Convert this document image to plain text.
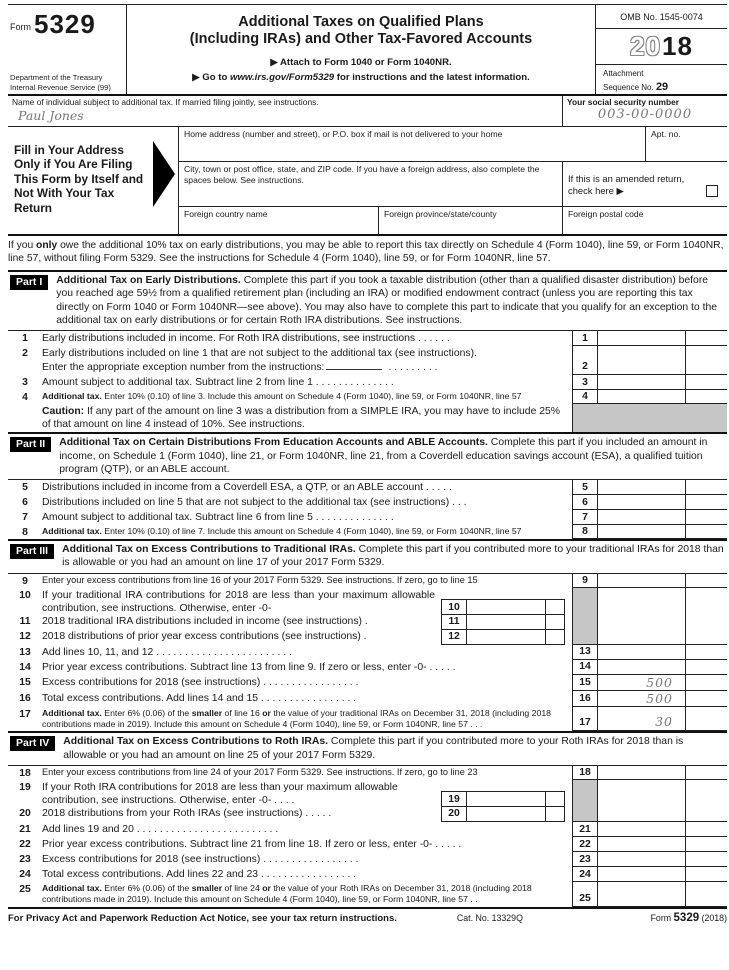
Form 5329
Department of the Treasury
Internal Revenue Service (99)
Additional Taxes on Qualified Plans
(Including IRAs) and Other Tax-Favored Accounts
▶ Attach to Form 1040 or Form 1040NR.
▶ Go to www.irs.gov/Form5329 for instructions and the latest information.
OMB No. 1545-0074
20 18
Attachment
Sequence No. 29
Name of individual subject to additional tax. If married filing jointly, see instructions.
Paul Jones
Your social security number
003-00-0000
Fill in Your Address Only if You Are Filing This Form by Itself and Not With Your Tax Return
Home address (number and street), or P.O. box if mail is not delivered to your home	Apt. no.
City, town or post office, state, and ZIP code. If you have a foreign address, also complete the spaces below. See instructions.	If this is an amended return, check here ▶
Foreign country name	Foreign province/state/county	Foreign postal code
If you only owe the additional 10% tax on early distributions, you may be able to report this tax directly on Schedule 4 (Form 1040), line 59, or Form 1040NR, line 57, without filing Form 5329. See the instructions for Schedule 4 (Form 1040), line 59, or for Form 1040NR, line 57.
Part I	Additional Tax on Early Distributions. Complete this part if you took a taxable distribution (other than a qualified disaster distribution) before you reached age 59½ from a qualified retirement plan (including an IRA) or modified endowment contract (unless you are reporting this tax directly on Form 1040 or Form 1040NR—see above). You may also have to complete this part to indicate that you qualify for an exception to the additional tax on early distributions or for certain Roth IRA distributions. See instructions.
1	Early distributions included in income. For Roth IRA distributions, see instructions . . . . . .	1
2	Early distributions included on line 1 that are not subject to the additional tax (see instructions).
Enter the appropriate exception number from the instructions:	. . . . . . . . .	2
3	Amount subject to additional tax. Subtract line 2 from line 1 . . . . . . . . . . . . . .	3
4	Additional tax. Enter 10% (0.10) of line 3. Include this amount on Schedule 4 (Form 1040), line 59, or Form 1040NR, line 57	4
Caution: If any part of the amount on line 3 was a distribution from a SIMPLE IRA, you may have to include 25% of that amount on line 4 instead of 10%. See instructions.
Part II	Additional Tax on Certain Distributions From Education Accounts and ABLE Accounts. Complete this part if you included an amount in income, on Schedule 1 (Form 1040), line 21, or Form 1040NR, line 21, from a Coverdell education savings account (ESA), a qualified tuition program (QTP), or an ABLE account.
5	Distributions included in income from a Coverdell ESA, a QTP, or an ABLE account . . . . .	5
6	Distributions included on line 5 that are not subject to the additional tax (see instructions) . . .	6
7	Amount subject to additional tax. Subtract line 6 from line 5 . . . . . . . . . . . . . .	7
8	Additional tax. Enter 10% (0.10) of line 7. Include this amount on Schedule 4 (Form 1040), line 59, or Form 1040NR, line 57	8
Part III	Additional Tax on Excess Contributions to Traditional IRAs. Complete this part if you contributed more to your traditional IRAs for 2018 than is allowable or you had an amount on line 17 of your 2017 Form 5329.
9	Enter your excess contributions from line 16 of your 2017 Form 5329. See instructions. If zero, go to line 15	9
10	If your traditional IRA contributions for 2018 are less than your maximum allowable contribution, see instructions. Otherwise, enter -0-	10
11	2018 traditional IRA distributions included in income (see instructions) .	11
12	2018 distributions of prior year excess contributions (see instructions) .	12
13	Add lines 10, 11, and 12 . . . . . . . . . . . . . . . . . . . . . . . .	13
14	Prior year excess contributions. Subtract line 13 from line 9. If zero or less, enter -0- . . . . .	14
15	Excess contributions for 2018 (see instructions) . . . . . . . . . . . . . . . . .	15	500
16	Total excess contributions. Add lines 14 and 15 . . . . . . . . . . . . . . . . .	16	500
17	Additional tax. Enter 6% (0.06) of the smaller of line 16 or the value of your traditional IRAs on December 31, 2018 (including 2018 contributions made in 2019). Include this amount on Schedule 4 (Form 1040), line 59, or Form 1040NR, line 57 . . .	17	30
Part IV	Additional Tax on Excess Contributions to Roth IRAs. Complete this part if you contributed more to your Roth IRAs for 2018 than is allowable or you had an amount on line 25 of your 2017 Form 5329.
18	Enter your excess contributions from line 24 of your 2017 Form 5329. See instructions. If zero, go to line 23	18
19	If your Roth IRA contributions for 2018 are less than your maximum allowable contribution, see instructions. Otherwise, enter -0- . . . .	19
20	2018 distributions from your Roth IRAs (see instructions) . . . . .	20
21	Add lines 19 and 20 . . . . . . . . . . . . . . . . . . . . . . . . .	21
22	Prior year excess contributions. Subtract line 21 from line 18. If zero or less, enter -0- . . . . .	22
23	Excess contributions for 2018 (see instructions) . . . . . . . . . . . . . . . . .	23
24	Total excess contributions. Add lines 22 and 23 . . . . . . . . . . . . . . . . .	24
25	Additional tax. Enter 6% (0.06) of the smaller of line 24 or the value of your Roth IRAs on December 31, 2018 (including 2018 contributions made in 2019). Include this amount on Schedule 4 (Form 1040), line 59, or Form 1040NR, line 57 . .	25
For Privacy Act and Paperwork Reduction Act Notice, see your tax return instructions.	Cat. No. 13329Q	Form 5329 (2018)
